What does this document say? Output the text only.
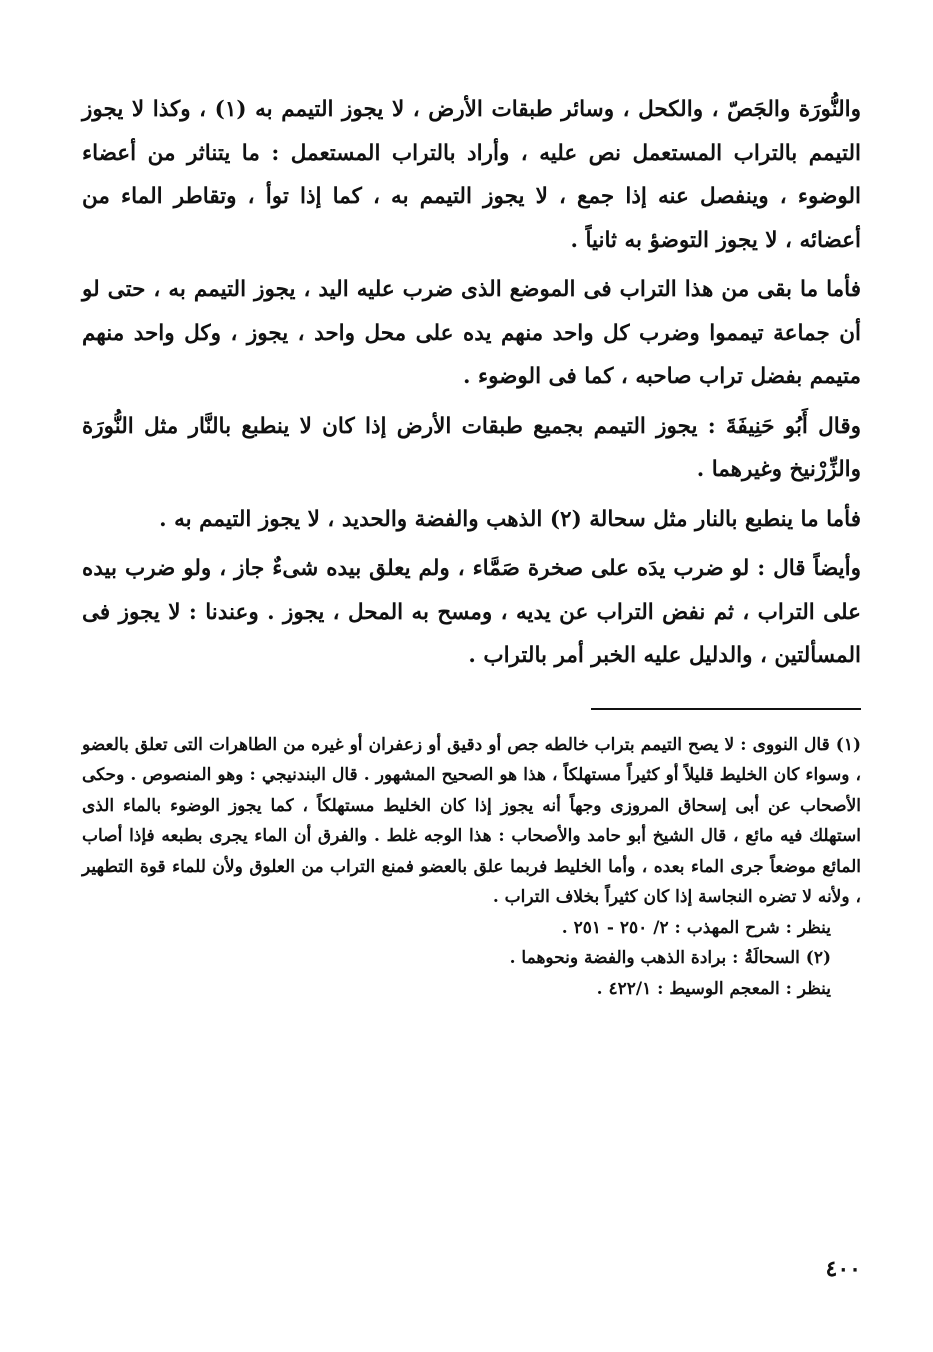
والنُّورَة والجَصّ ، والكحل ، وسائر طبقات الأرض ، لا يجوز التيمم به (١) ، وكذا لا يجوز التيمم بالتراب المستعمل نص عليه ، وأراد بالتراب المستعمل : ما يتناثر من أعضاء الوضوء ، وينفصل عنه إذا جمع ، لا يجوز التيمم به ، كما إذا توأ ، وتقاطر الماء من أعضائه ، لا يجوز التوضؤ به ثانياً .

فأما ما بقى من هذا التراب فى الموضع الذى ضرب عليه اليد ، يجوز التيمم به ، حتى لو أن جماعة تيمموا وضرب كل واحد منهم يده على محل واحد ، يجوز ، وكل واحد منهم متيمم بفضل تراب صاحبه ، كما فى الوضوء .

وقال أَبُو حَنِيفَةَ : يجوز التيمم بجميع طبقات الأرض إذا كان لا ينطبع بالنَّار مثل النُّورَة والزِّرْنيخ وغيرهما .

فأما ما ينطبع بالنار مثل سحالة (٢) الذهب والفضة والحديد ، لا يجوز التيمم به .

وأيضاً قال : لو ضرب يدَه على صخرة صَمَّاء ، ولم يعلق بيده شىءٌ جاز ، ولو ضرب بيده على التراب ، ثم نفض التراب عن يديه ، ومسح به المحل ، يجوز . وعندنا : لا يجوز فى المسألتين ، والدليل عليه الخبر أمر بالتراب .

(١) قال النووى : لا يصح التيمم بتراب خالطه جص أو دقيق أو زعفران أو غيره من الطاهرات التى تعلق بالعضو ، وسواء كان الخليط قليلاً أو كثيراً مستهلكاً ، هذا هو الصحيح المشهور . قال البندنيجي : وهو المنصوص . وحكى الأصحاب عن أبى إسحاق المروزى وجهاً أنه يجوز إذا كان الخليط مستهلكاً ، كما يجوز الوضوء بالماء الذى استهلك فيه مائع ، قال الشيخ أبو حامد والأصحاب : هذا الوجه غلط . والفرق أن الماء يجرى بطبعه فإذا أصاب المائع موضعاً جرى الماء بعده ، وأما الخليط فربما علق بالعضو فمنع التراب من العلوق ولأن للماء قوة التطهير ، ولأنه لا تضره النجاسة إذا كان كثيراً بخلاف التراب .

ينظر : شرح المهذب : ٢/ ٢٥٠ - ٢٥١ .

(٢) السحالَةُ : برادة الذهب والفضة ونحوهما .

ينظر : المعجم الوسيط : ٤٢٢/١ .

٤٠٠
